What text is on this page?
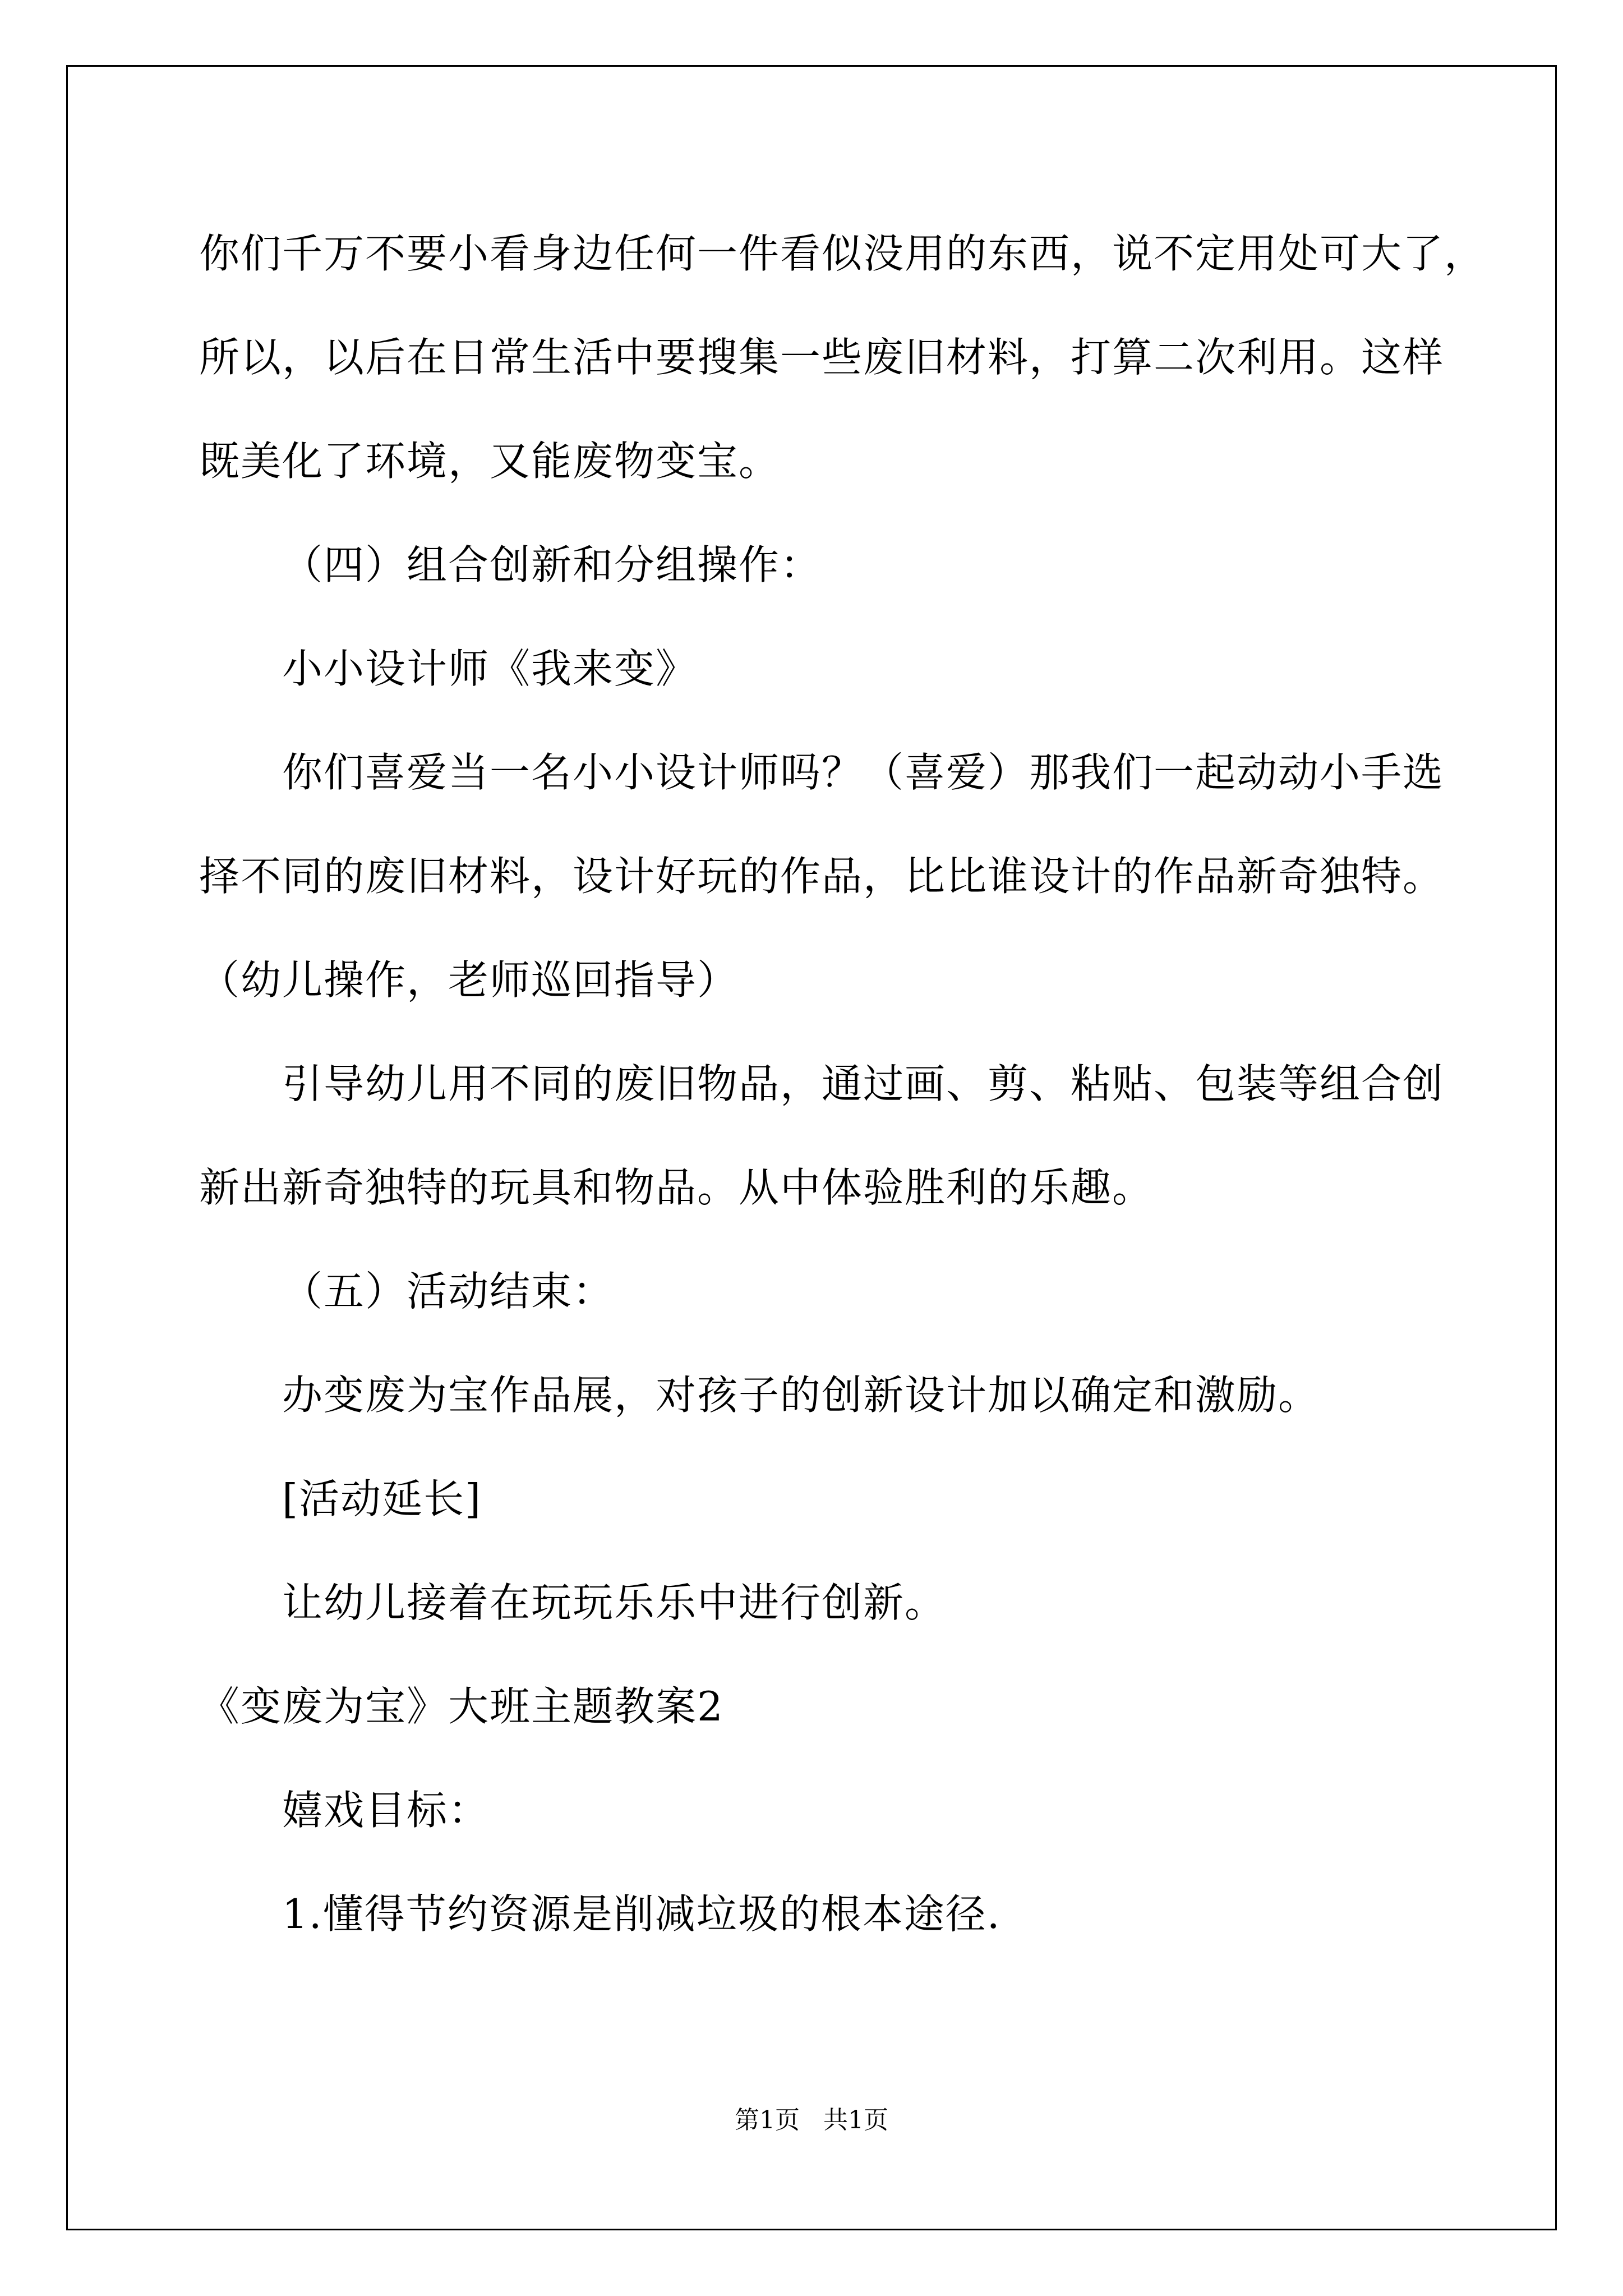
你们千万不要小看身边任何一件看似没用的东西，说不定用处可大了，
所以，以后在日常生活中要搜集一些废旧材料，打算二次利用。这样
既美化了环境，又能废物变宝。
（四）组合创新和分组操作：
小小设计师《我来变》
你们喜爱当一名小小设计师吗？（喜爱）那我们一起动动小手选
择不同的废旧材料，设计好玩的作品，比比谁设计的作品新奇独特。
（幼儿操作，老师巡回指导）
引导幼儿用不同的废旧物品，通过画、剪、粘贴、包装等组合创
新出新奇独特的玩具和物品。从中体验胜利的乐趣。
（五）活动结束：
办变废为宝作品展，对孩子的创新设计加以确定和激励。
[活动延长]
让幼儿接着在玩玩乐乐中进行创新。
《变废为宝》大班主题教案2
嬉戏目标：
1.懂得节约资源是削减垃圾的根本途径.
第1页 共1页
